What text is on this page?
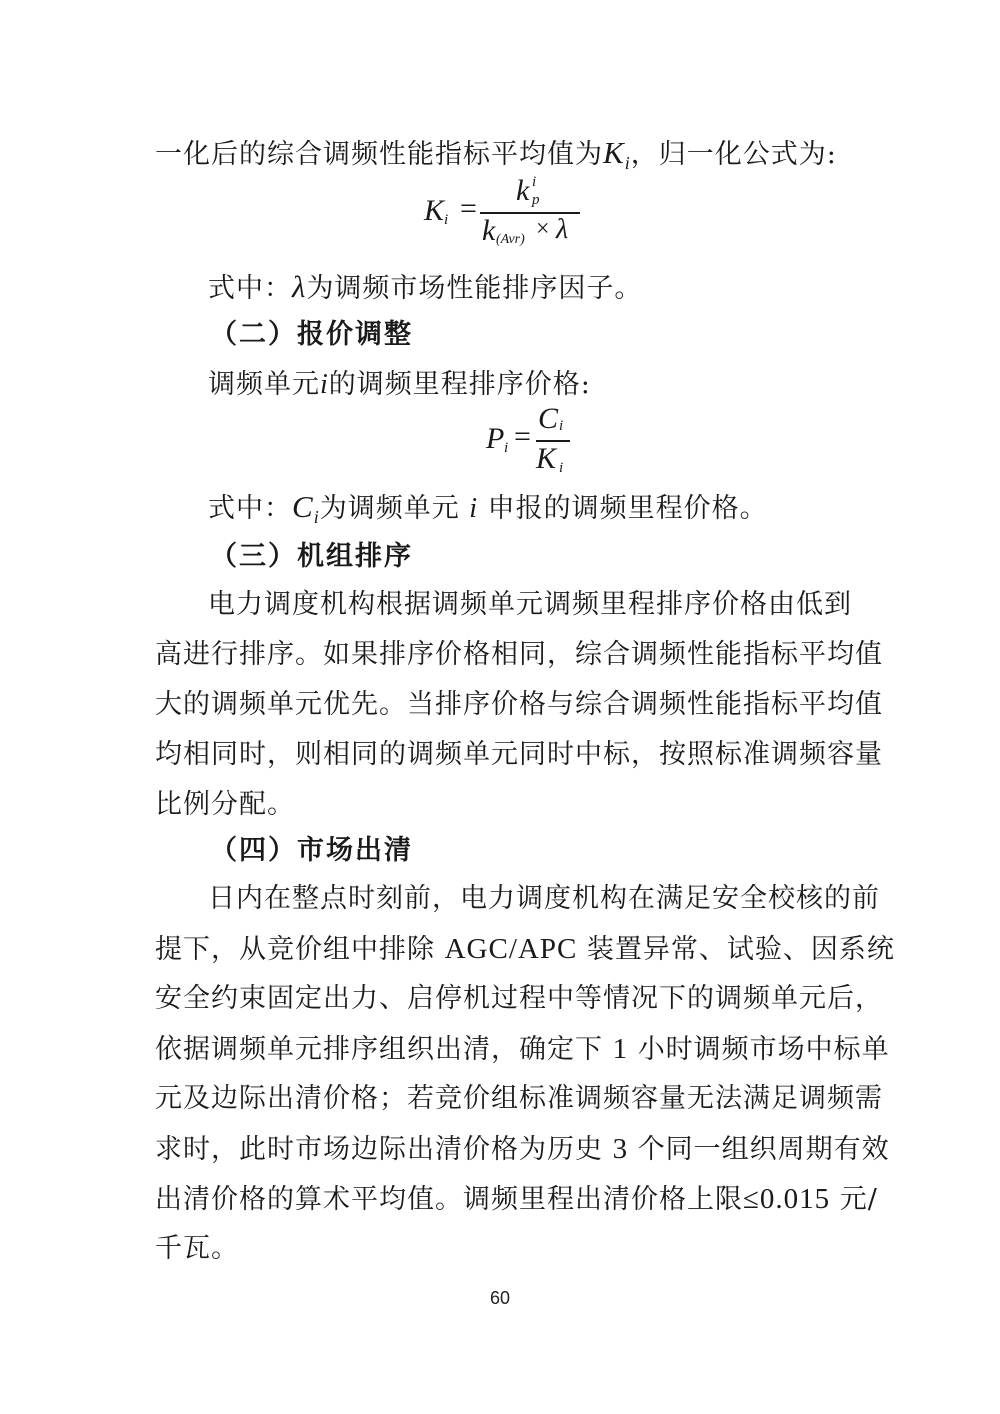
一化后的综合调频性能指标平均值为$K_i$，归一化公式为:
K i =
k i
p
k (Avr) × λ
式中：λ为调频市场性能排序因子。
（二）报价调整
调频单元i的调频里程排序价格:
P i =
C i
K i
式中：$C_i$为调频单元 i 申报的调频里程价格。
（三）机组排序
电力调度机构根据调频单元调频里程排序价格由低到
高进行排序。如果排序价格相同，综合调频性能指标平均值
大的调频单元优先。当排序价格与综合调频性能指标平均值
均相同时，则相同的调频单元同时中标，按照标准调频容量
比例分配。
（四）市场出清
日内在整点时刻前，电力调度机构在满足安全校核的前
提下，从竞价组中排除 AGC/APC 装置异常、试验、因系统
安全约束固定出力、启停机过程中等情况下的调频单元后，
依据调频单元排序组织出清，确定下 1 小时调频市场中标单
元及边际出清价格；若竞价组标准调频容量无法满足调频需
求时，此时市场边际出清价格为历史 3 个同一组织周期有效
出清价格的算术平均值。调频里程出清价格上限≤0.015 元/
千瓦。
60
